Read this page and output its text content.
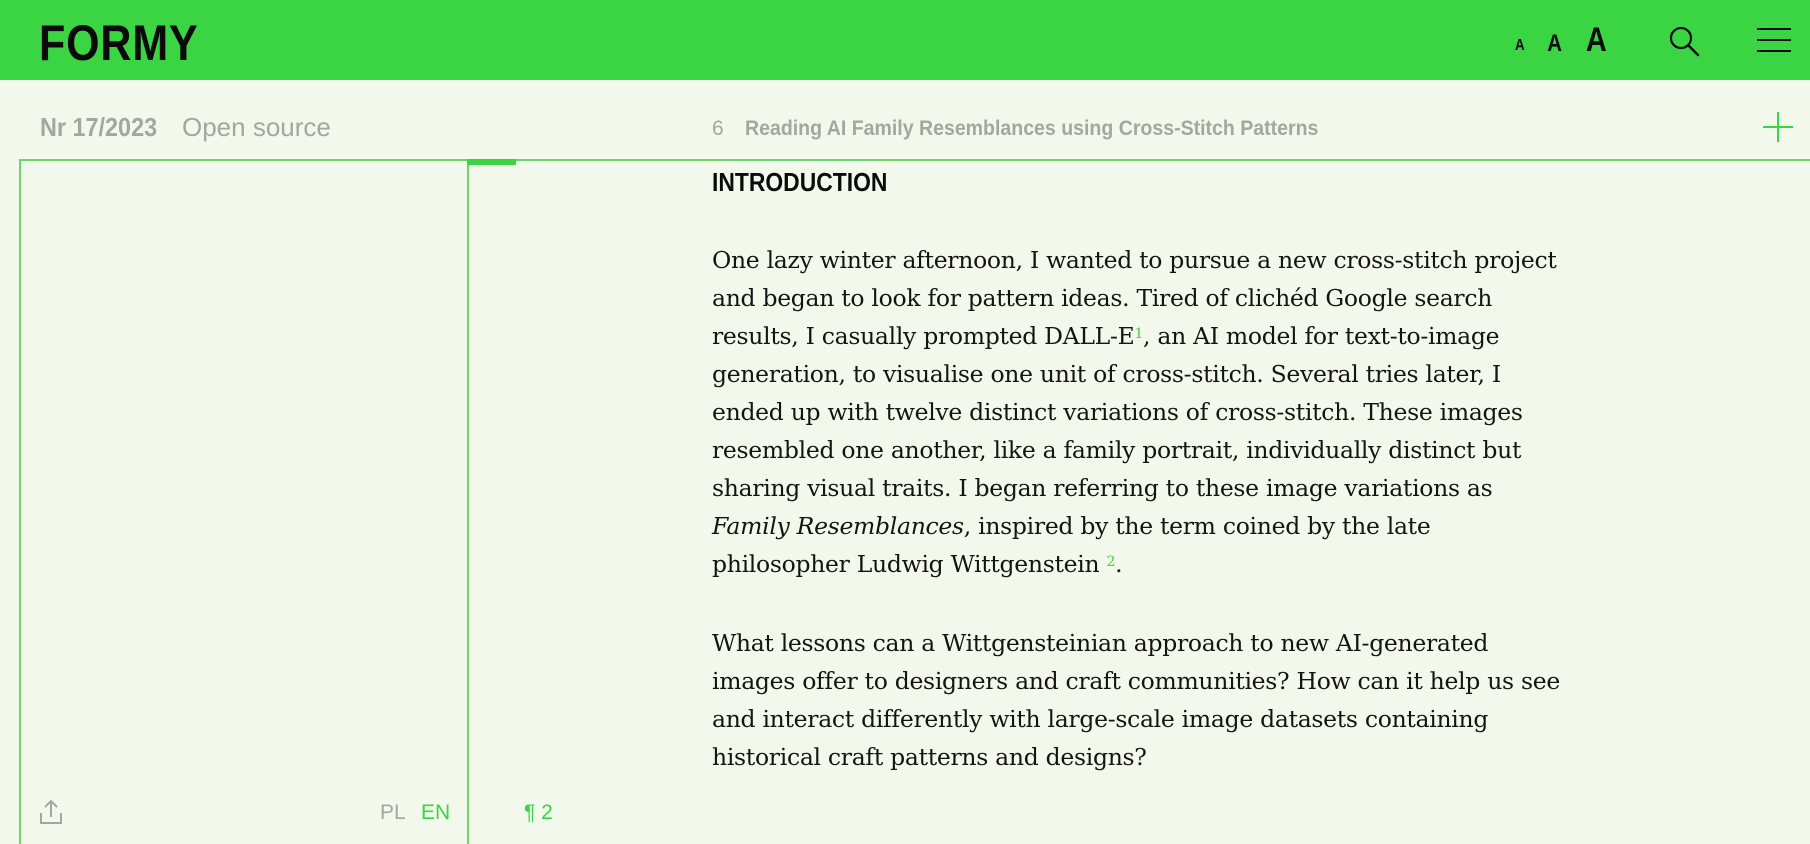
FORMY	A A A
Nr 17/2023 Open source	6 Reading AI Family Resemblances using Cross-Stitch Patterns
PL EN	¶ 2
INTRODUCTION

One lazy winter afternoon, I wanted to pursue a new cross-stitch project and began to look for pattern ideas. Tired of clichéd Google search results, I casually prompted DALL-E$^1$, an AI model for text-to-image generation, to visualise one unit of cross-stitch. Several tries later, I ended up with twelve distinct variations of cross-stitch. These images resembled one another, like a family portrait, individually distinct but sharing visual traits. I began referring to these image variations as Family Resemblances, inspired by the term coined by the late philosopher Ludwig Wittgenstein $^2$.

What lessons can a Wittgensteinian approach to new AI-generated images offer to designers and craft communities? How can it help us see and interact differently with large-scale image datasets containing historical craft patterns and designs?
